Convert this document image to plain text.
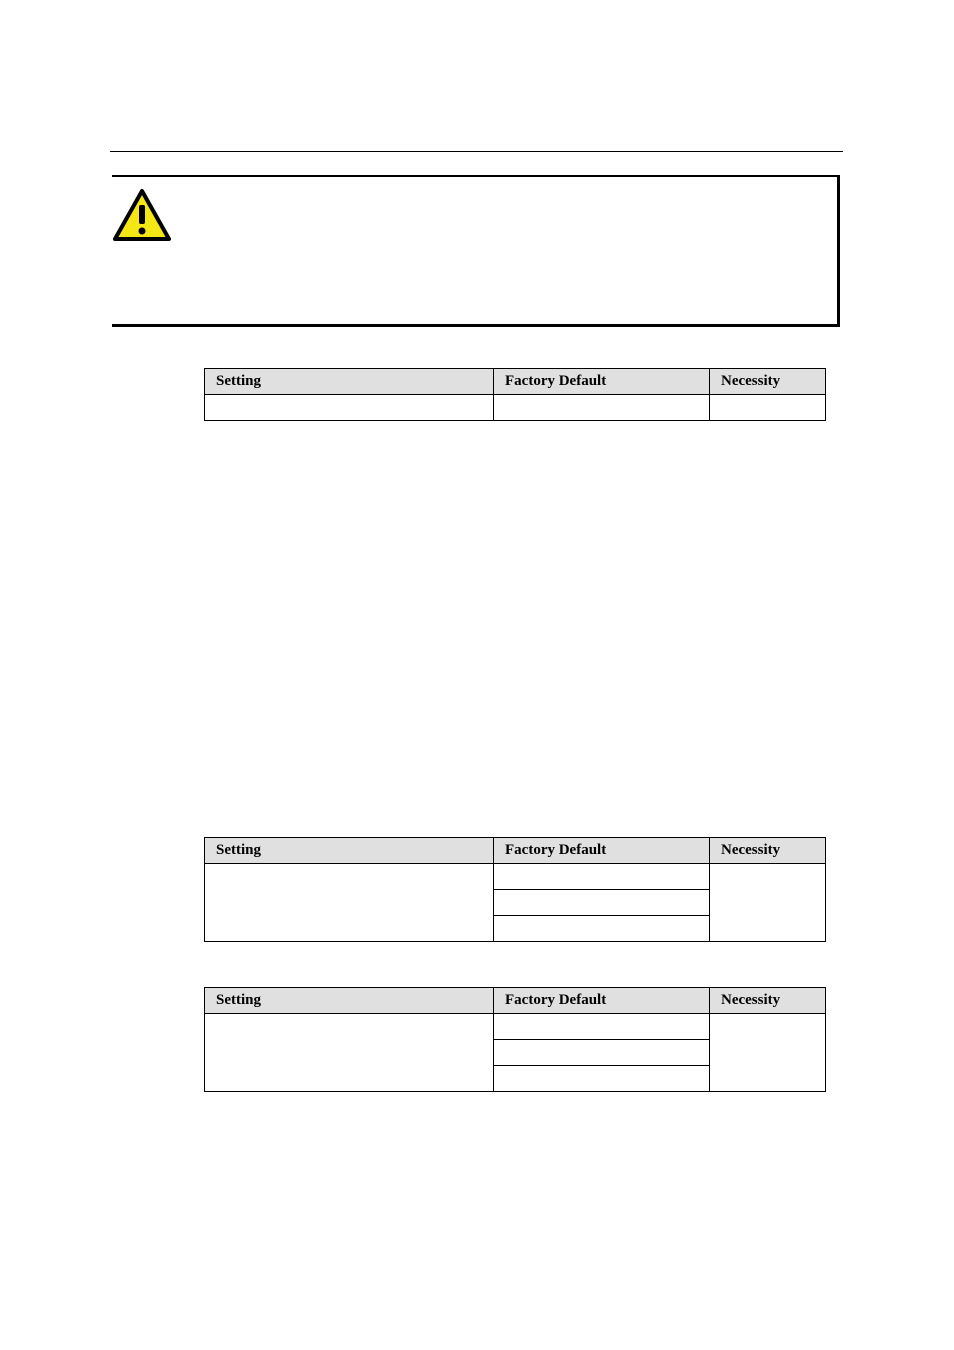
Setting	Factory Default	Necessity

Setting	Factory Default	Necessity

Setting	Factory Default	Necessity
